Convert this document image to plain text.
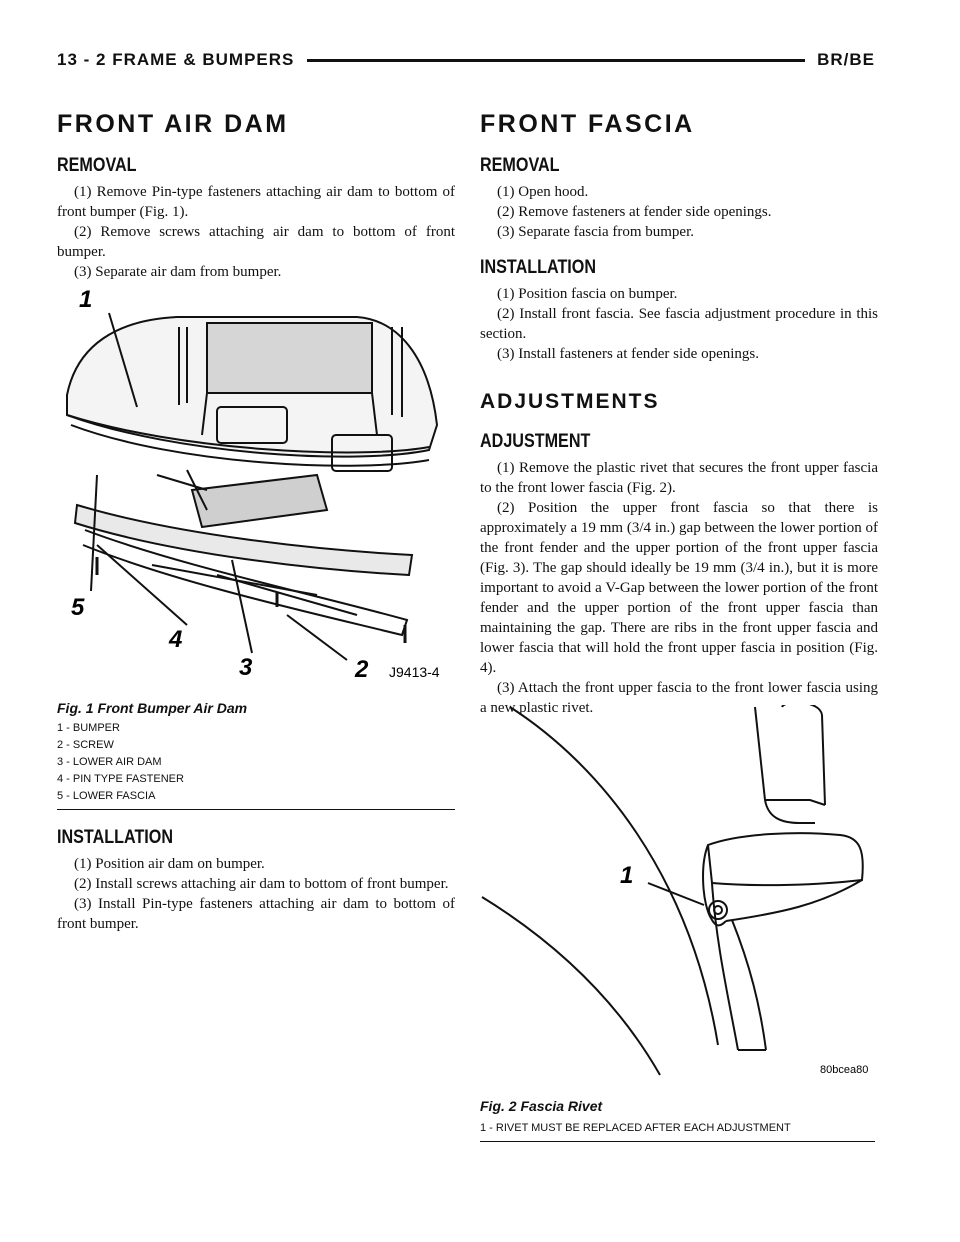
13 - 2 FRAME & BUMPERS	BR/BE
FRONT AIR DAM
REMOVAL

(1) Remove Pin-type fasteners attaching air dam to bottom of front bumper (Fig. 1).

(2) Remove screws attaching air dam to bottom of front bumper.

(3) Separate air dam from bumper.

1
2
3
4
5
J9413-4

Fig. 1 Front Bumper Air Dam

1 - BUMPER

2 - SCREW

3 - LOWER AIR DAM

4 - PIN TYPE FASTENER

5 - LOWER FASCIA

INSTALLATION

(1) Position air dam on bumper.

(2) Install screws attaching air dam to bottom of front bumper.

(3) Install Pin-type fasteners attaching air dam to bottom of front bumper.

FRONT FASCIA
REMOVAL

(1) Open hood.

(2) Remove fasteners at fender side openings.

(3) Separate fascia from bumper.

INSTALLATION

(1) Position fascia on bumper.

(2) Install front fascia. See fascia adjustment procedure in this section.

(3) Install fasteners at fender side openings.

ADJUSTMENTS
ADJUSTMENT

(1) Remove the plastic rivet that secures the front upper fascia to the front lower fascia (Fig. 2).

(2) Position the upper front fascia so that there is approximately a 19 mm (3/4 in.) gap between the lower portion of the front fender and the upper portion of the front upper fascia (Fig. 3). The gap should ideally be 19 mm (3/4 in.), but it is more important to avoid a V-Gap between the lower portion of the front fender and the upper portion of the front upper fascia than maintaining the gap. There are ribs in the front upper fascia and lower fascia that will hold the front upper fascia in position (Fig. 4).

(3) Attach the front upper fascia to the front lower fascia using a new plastic rivet.

1
80bcea80

Fig. 2 Fascia Rivet

1 - RIVET MUST BE REPLACED AFTER EACH ADJUSTMENT
